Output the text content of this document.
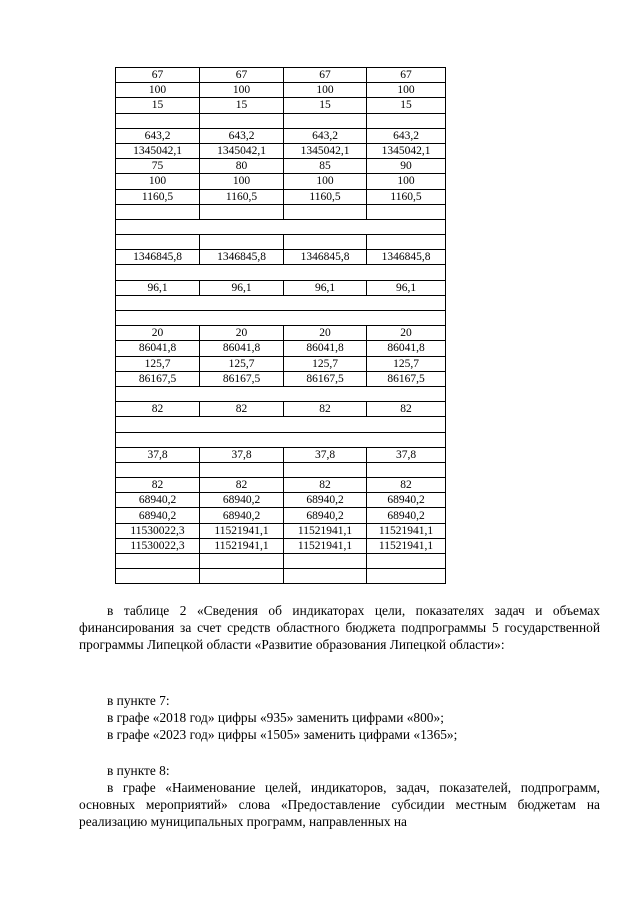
67	67	67	67
100	100	100	100
15	15	15	15

643,2	643,2	643,2	643,2
1345042,1	1345042,1	1345042,1	1345042,1
75	80	85	90
100	100	100	100
1160,5	1160,5	1160,5	1160,5

1346845,8	1346845,8	1346845,8	1346845,8

96,1	96,1	96,1	96,1

20	20	20	20
86041,8	86041,8	86041,8	86041,8
125,7	125,7	125,7	125,7
86167,5	86167,5	86167,5	86167,5

82	82	82	82

37,8	37,8	37,8	37,8

82	82	82	82
68940,2	68940,2	68940,2	68940,2
68940,2	68940,2	68940,2	68940,2
11530022,3	11521941,1	11521941,1	11521941,1
11530022,3	11521941,1	11521941,1	11521941,1

в таблице 2 «Сведения об индикаторах цели, показателях задач и объемах финансирования за счет средств областного бюджета подпрограммы 5 государственной программы Липецкой области «Развитие образования Липецкой области»:

в пункте 7:

в графе «2018 год» цифры «935» заменить цифрами «800»;

в графе «2023 год» цифры «1505» заменить цифрами «1365»;

в пункте 8:

в графе «Наименование целей, индикаторов, задач, показателей, подпрограмм, основных мероприятий» слова «Предоставление субсидии местным бюджетам на реализацию муниципальных программ, направленных на
